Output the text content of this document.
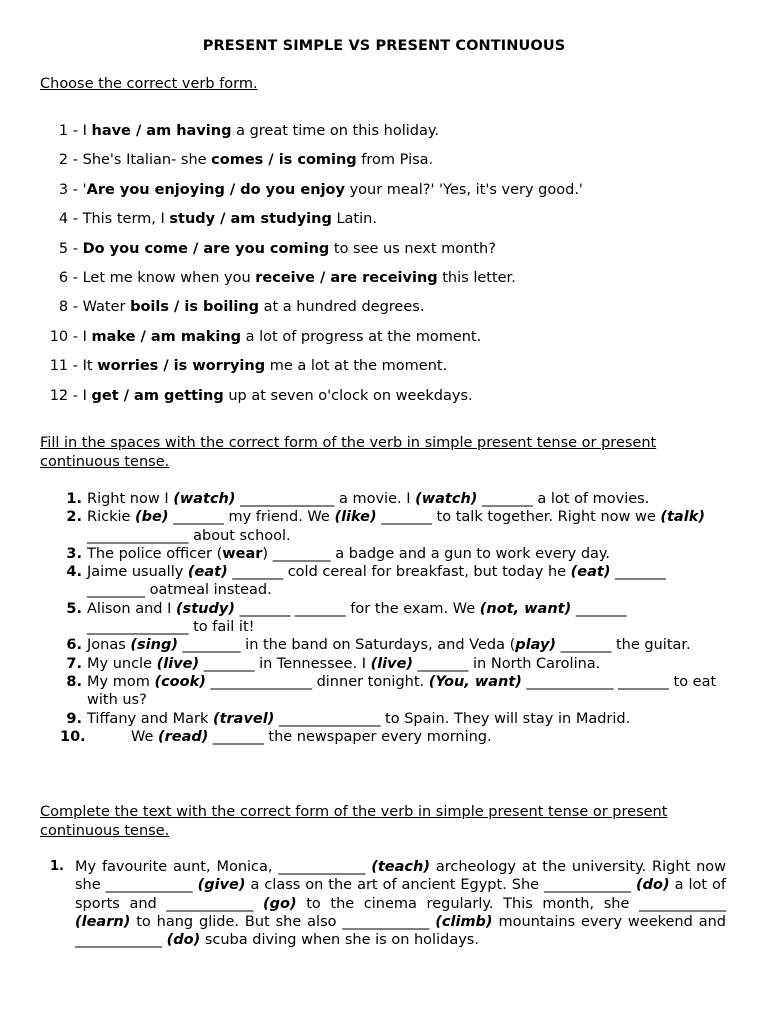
PRESENT SIMPLE VS PRESENT CONTINUOUS
Choose the correct verb form.
1 - I have / am having a great time on this holiday.
2 - She's Italian- she comes / is coming from Pisa.
3 - 'Are you enjoying / do you enjoy your meal?' 'Yes, it's very good.'
4 - This term, I study / am studying Latin.
5 - Do you come / are you coming to see us next month?
6 - Let me know when you receive / are receiving this letter.
8 - Water boils / is boiling at a hundred degrees.
10 - I make / am making a lot of progress at the moment.
11 - It worries / is worrying me a lot at the moment.
12 - I get / am getting up at seven o'clock on weekdays.
Fill in the spaces with the correct form of the verb in simple present tense or present continuous tense.
1. Right now I (watch) _____________ a movie. I (watch) _______ a lot of movies.
2. Rickie (be) _______ my friend. We (like) _______ to talk together. Right now we (talk) ______________ about school.
3. The police officer (wear) ________ a badge and a gun to work every day.
4. Jaime usually (eat) _______ cold cereal for breakfast, but today he (eat) _______ ________ oatmeal instead.
5. Alison and I (study) _______ _______ for the exam. We (not, want) _______ ______________ to fail it!
6. Jonas (sing) ________ in the band on Saturdays, and Veda (play) _______ the guitar.
7. My uncle (live) _______ in Tennessee. I (live) _______ in North Carolina.
8. My mom (cook) ______________ dinner tonight. (You, want) ____________ _______ to eat with us?
9. Tiffany and Mark (travel) ______________ to Spain. They will stay in Madrid.
10.	We (read) _______ the newspaper every morning.
Complete the text with the correct form of the verb in simple present tense or present continuous tense.
1. My favourite aunt, Monica, ____________ (teach) archeology at the university. Right now she ____________ (give) a class on the art of ancient Egypt. She ____________ (do) a lot of sports and ____________ (go) to the cinema regularly. This month, she ____________ (learn) to hang glide. But she also ____________ (climb) mountains every weekend and ____________ (do) scuba diving when she is on holidays.
